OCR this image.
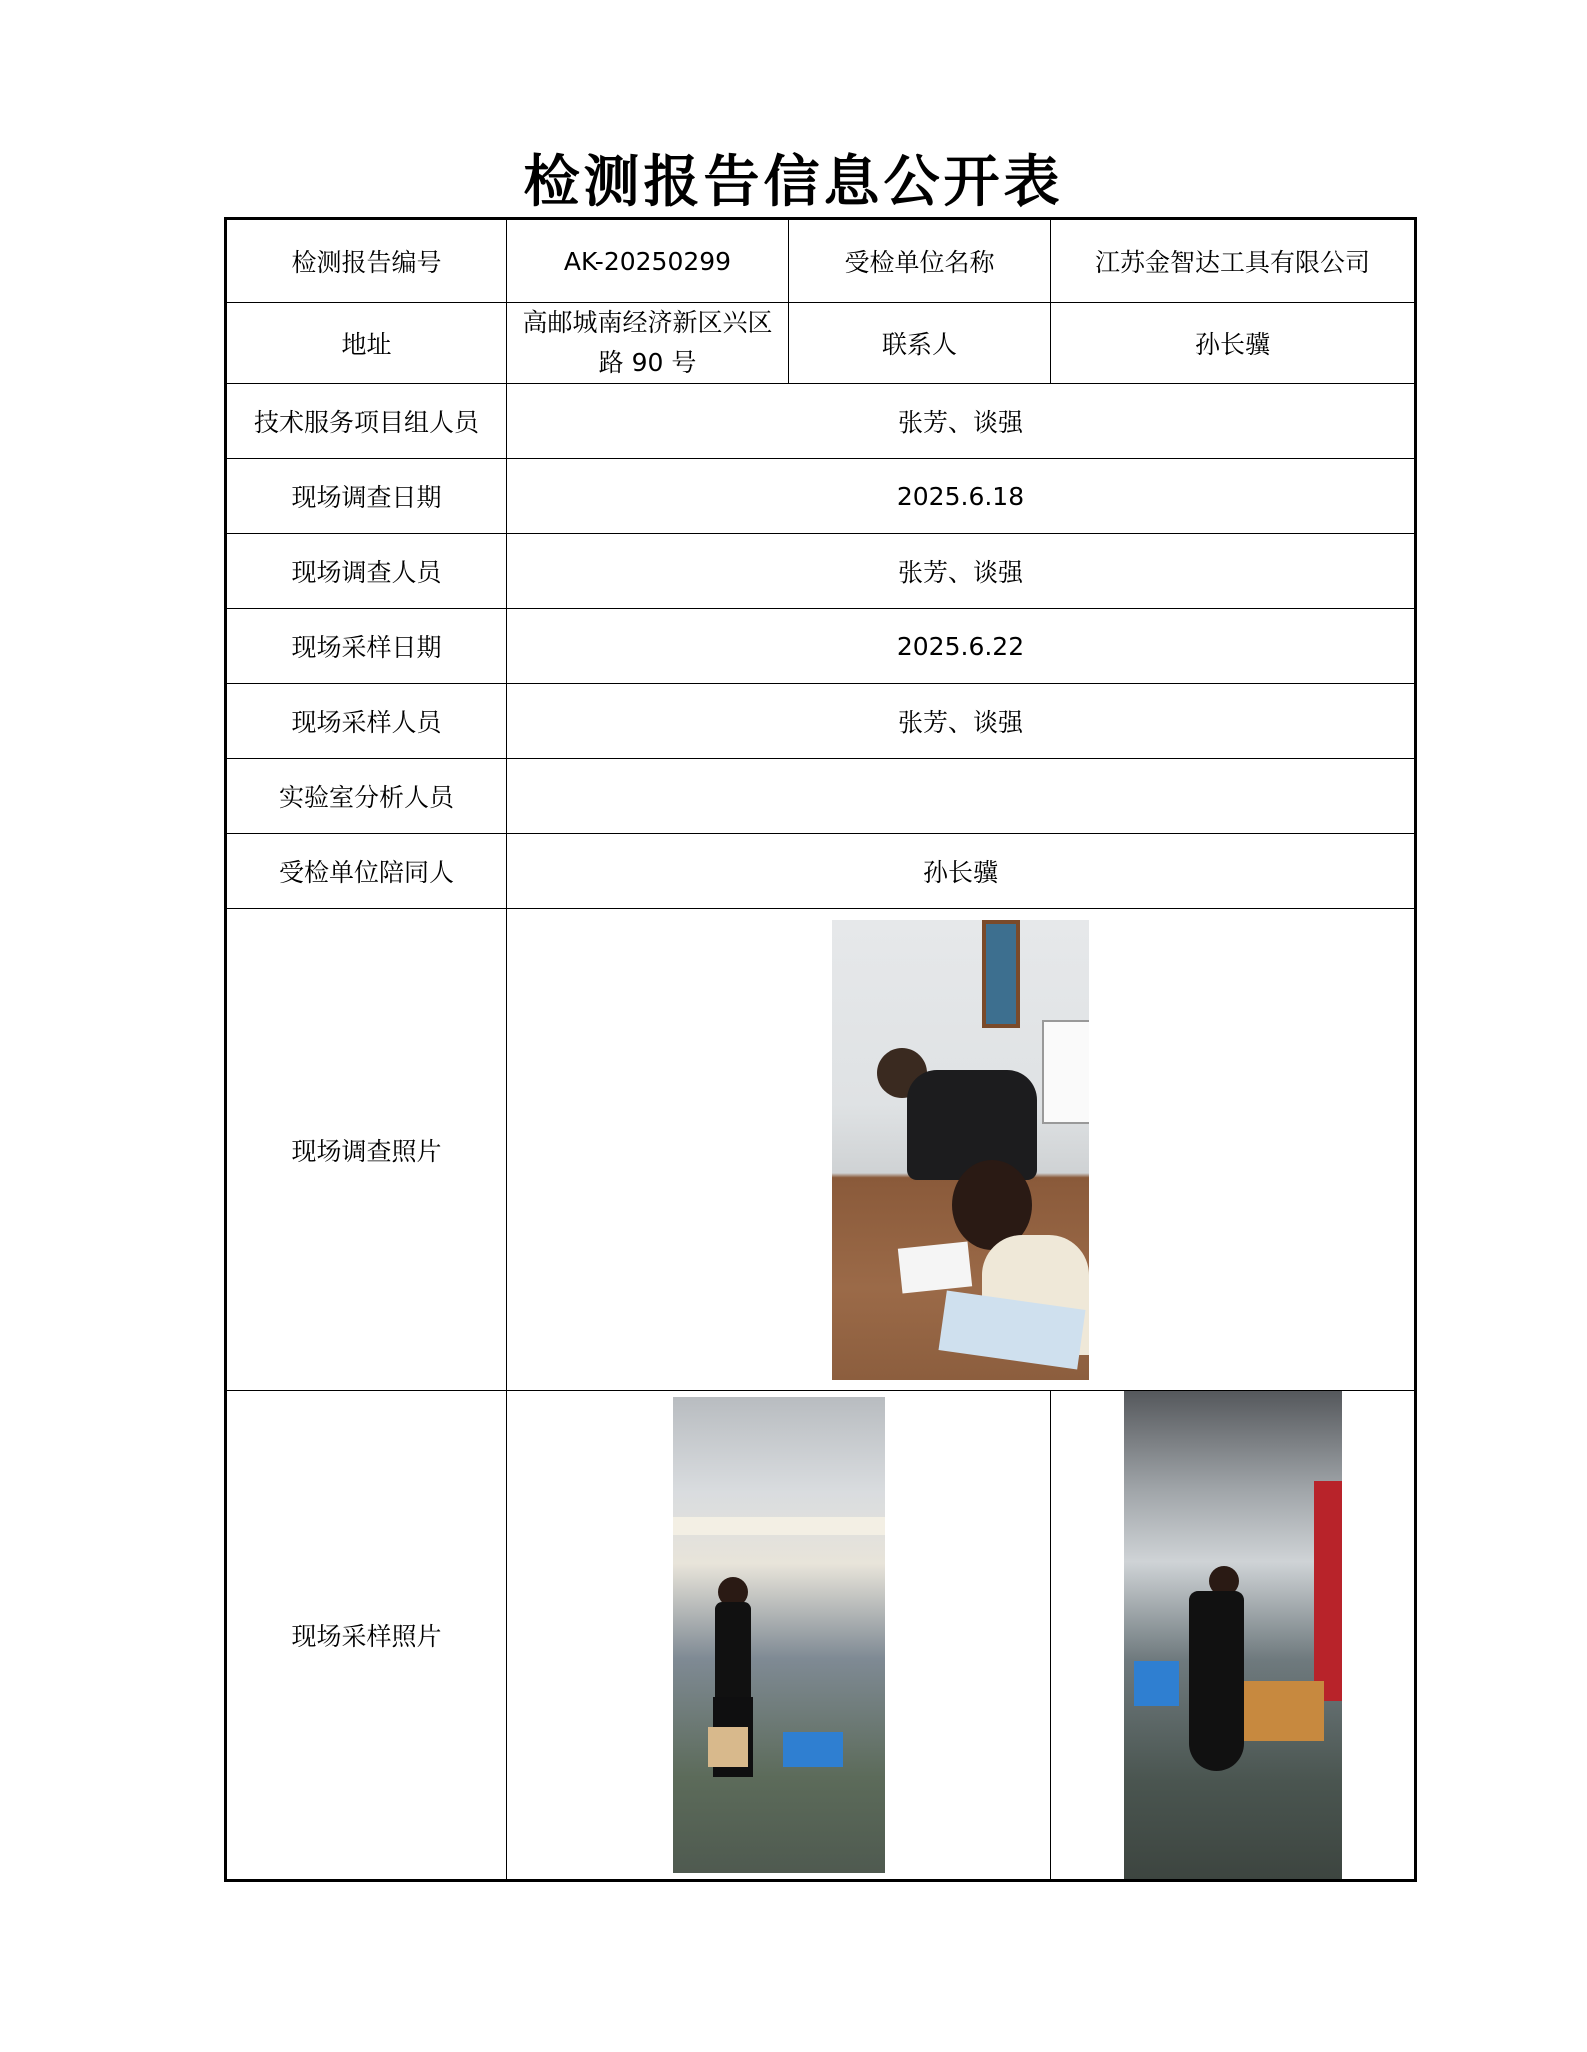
检测报告信息公开表
检测报告编号	AK-20250299	受检单位名称	江苏金智达工具有限公司
地址	高邮城南经济新区兴区路 90 号	联系人	孙长骥
技术服务项目组人员	张芳、谈强		
现场调查日期	2025.6.18		
现场调查人员	张芳、谈强		
现场采样日期	2025.6.22		
现场采样人员	张芳、谈强		
实验室分析人员			
受检单位陪同人	孙长骥		
现场调查照片			

现场采样照片		
